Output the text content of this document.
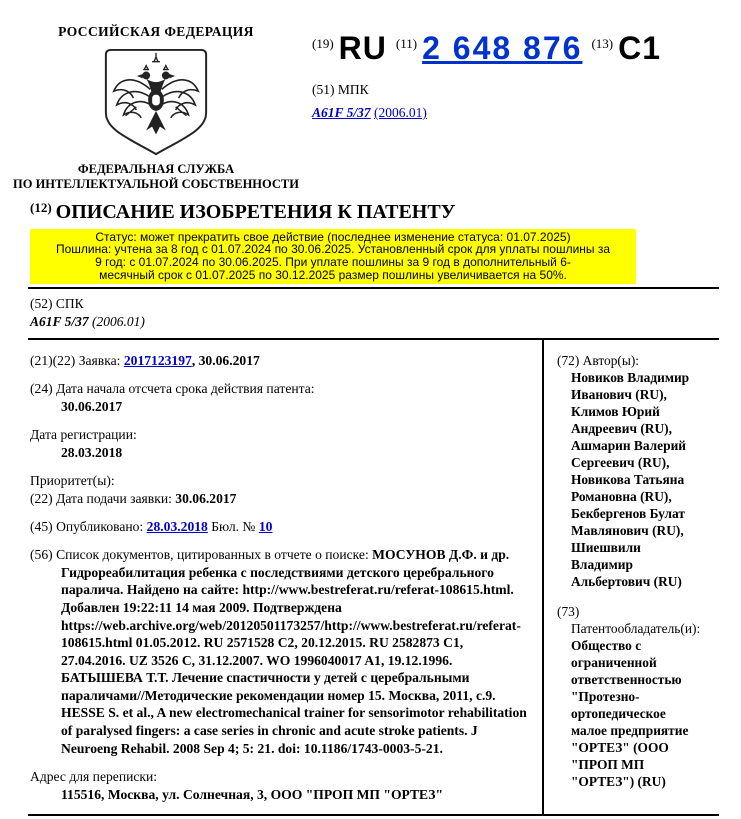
РОССИЙСКАЯ ФЕДЕРАЦИЯ
ФЕДЕРАЛЬНАЯ СЛУЖБА
ПО ИНТЕЛЛЕКТУАЛЬНОЙ СОБСТВЕННОСТИ
$^{(19)}$ RU $^{(11)}$ 2 648 876 $^{(13)}$ C1
(51) МПК
A61F 5/37 (2006.01)
$^{(12)}$ ОПИСАНИЕ ИЗОБРЕТЕНИЯ К ПАТЕНТУ
Статус: может прекратить свое действие (последнее изменение статуса: 01.07.2025)
Пошлина: учтена за 8 год с 01.07.2024 по 30.06.2025. Установленный срок для уплаты пошлины за
9 год: с 01.07.2024 по 30.06.2025. При уплате пошлины за 9 год в дополнительный 6-
месячный срок с 01.07.2025 по 30.12.2025 размер пошлины увеличивается на 50%.
(52) СПК
A61F 5/37 (2006.01)
(21)(22) Заявка: 2017123197, 30.06.2017
(24) Дата начала отсчета срока действия патента:
30.06.2017
Дата регистрации:
28.03.2018
Приоритет(ы):
(22) Дата подачи заявки: 30.06.2017
(45) Опубликовано: 28.03.2018 Бюл. № 10
(56) Список документов, цитированных в отчете о поиске: МОСУНОВ Д.Ф. и др. Гидрореабилитация ребенка с последствиями детского церебрального паралича. Найдено на сайте: http://www.bestreferat.ru/referat-108615.html. Добавлен 19:22:11 14 мая 2009. Подтверждена https://web.archive.org/web/20120501173257/http://www.bestreferat.ru/referat-108615.html 01.05.2012. RU 2571528 C2, 20.12.2015. RU 2582873 C1, 27.04.2016. UZ 3526 C, 31.12.2007. WO 1996040017 A1, 19.12.1996. БАТЫШЕВА Т.Т. Лечение спастичности у детей с церебральными параличами//Методические рекомендации номер 15. Москва, 2011, с.9. HESSE S. et al., A new electromechanical trainer for sensorimotor rehabilitation of paralysed fingers: a case series in chronic and acute stroke patients. J Neuroeng Rehabil. 2008 Sep 4; 5: 21. doi: 10.1186/1743-0003-5-21.
Адрес для переписки:
115516, Москва, ул. Солнечная, 3, ООО "ПРОП МП "ОРТЕЗ"
(72) Автор(ы):
Новиков Владимир Иванович (RU),
Климов Юрий Андреевич (RU),
Ашмарин Валерий Сергеевич (RU),
Новикова Татьяна Романовна (RU),
Бекбергенов Булат Мавлянович (RU),
Шиешвили Владимир Альбертович (RU)
(73)
Патентообладатель(и):
Общество с ограниченной ответственностью "Протезно-ортопедическое малое предприятие "ОРТЕЗ" (ООО "ПРОП МП "ОРТЕЗ") (RU)
